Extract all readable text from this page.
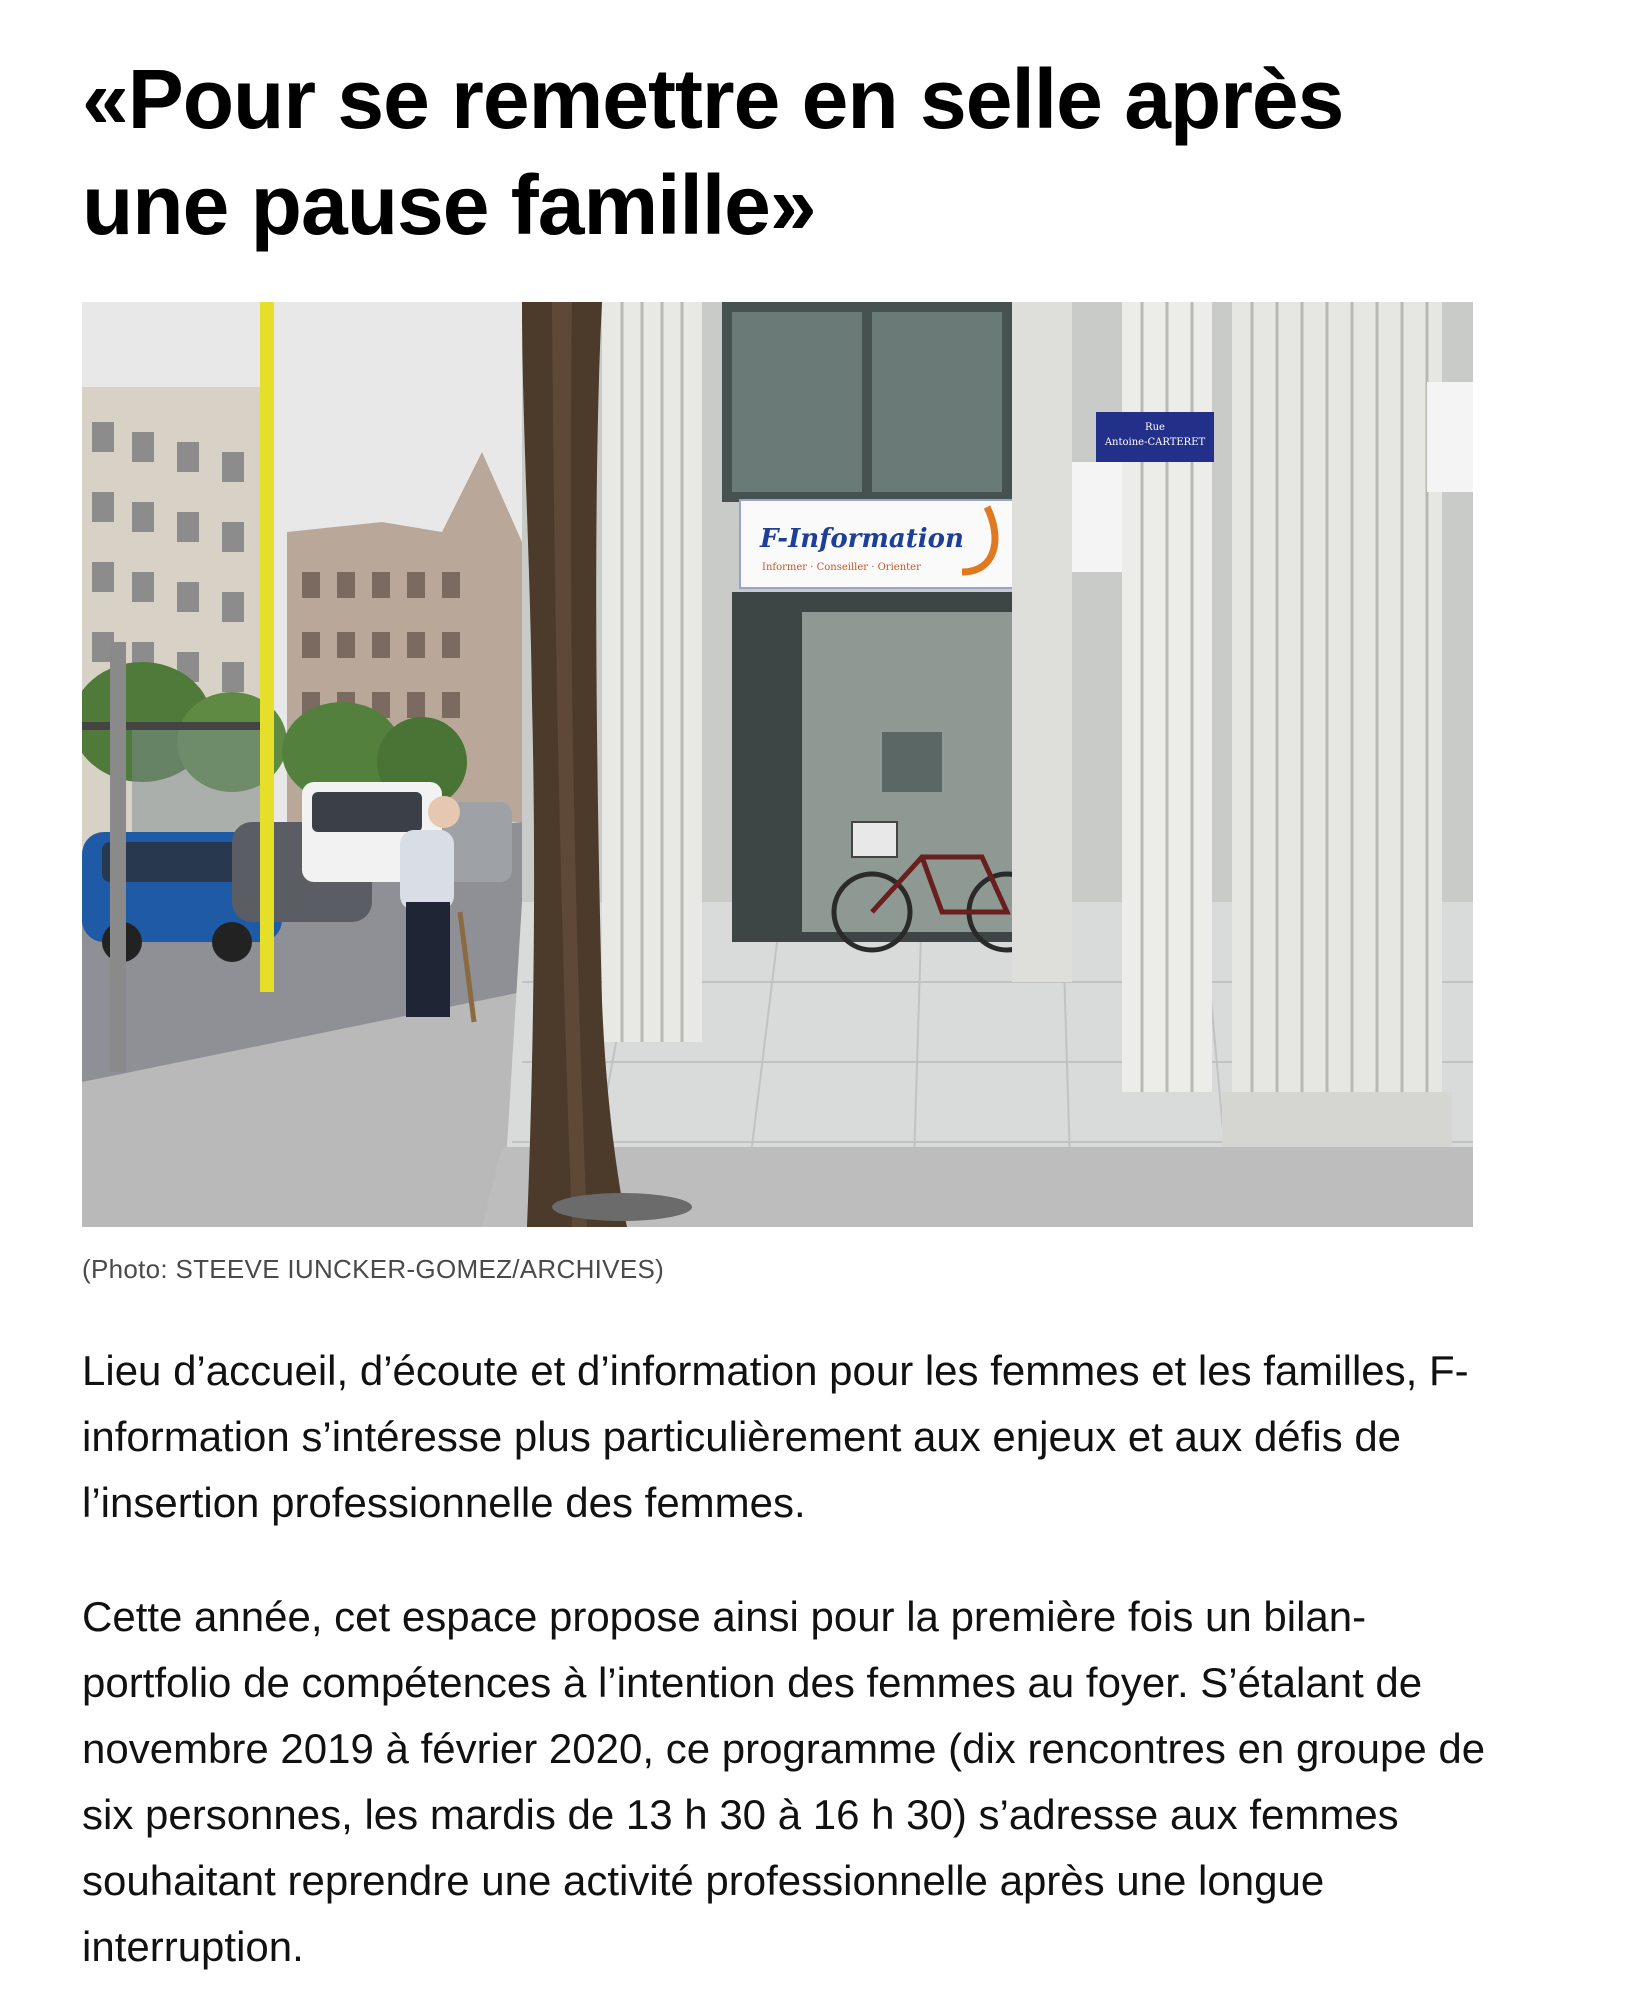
«Pour se remettre en selle après une pause famille»
F-Information
Informer · Conseiller · Orienter
Rue
Antoine-CARTERET

(Photo: STEEVE IUNCKER-GOMEZ/ARCHIVES)

Lieu d’accueil, d’écoute et d’information pour les femmes et les familles, F-information s’intéresse plus particulièrement aux enjeux et aux défis de l’insertion professionnelle des femmes.

Cette année, cet espace propose ainsi pour la première fois un bilan-portfolio de compétences à l’intention des femmes au foyer. S’étalant de novembre 2019 à février 2020, ce programme (dix rencontres en groupe de six personnes, les mardis de 13 h 30 à 16 h 30) s’adresse aux femmes souhaitant reprendre une activité professionnelle après une longue interruption.
